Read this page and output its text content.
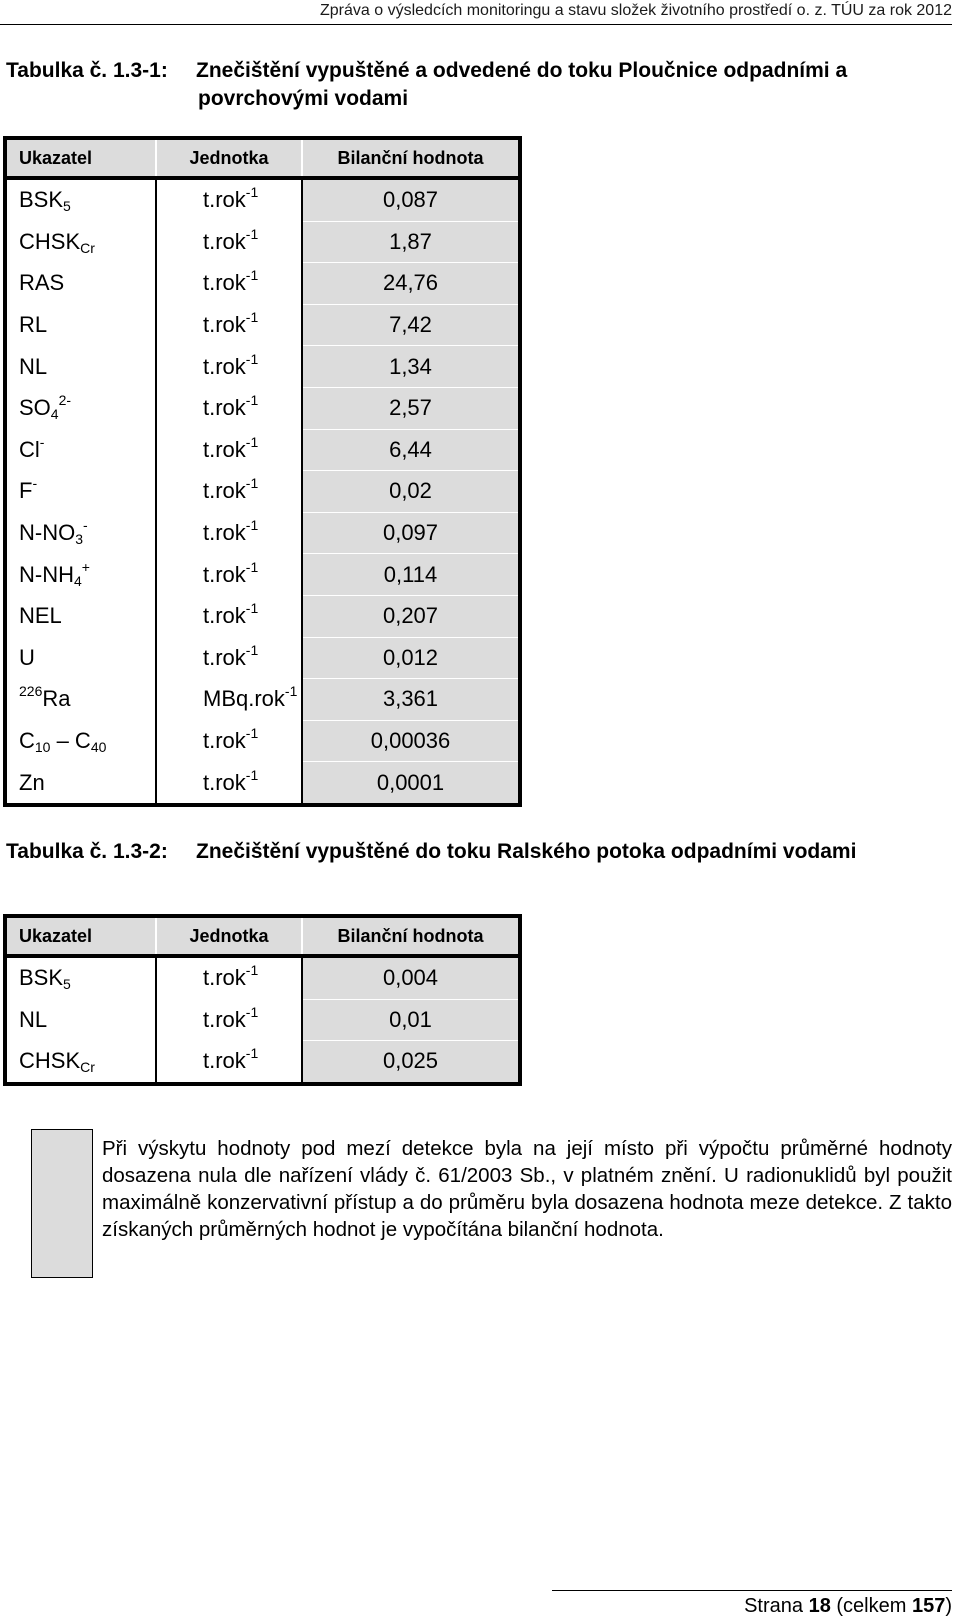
Zpráva o výsledcích monitoringu a stavu složek životního prostředí o. z. TÚU za rok 2012
Tabulka č. 1.3-1: Znečištění vypuštěné a odvedené do toku Ploučnice odpadními a
povrchovými vodami
Ukazatel	Jednotka	Bilanční hodnota
$BSK_5$	t.rok$^{-1}$	0,087
$CHSK_{Cr}$	t.rok$^{-1}$	1,87
RAS	t.rok$^{-1}$	24,76
RL	t.rok$^{-1}$	7,42
NL	t.rok$^{-1}$	1,34
$SO_4^{2-}$	t.rok$^{-1}$	2,57
Cl-	t.rok$^{-1}$	6,44
F-	t.rok$^{-1}$	0,02
$N-NO_3^-$	t.rok$^{-1}$	0,097
$N-NH_4^+$	t.rok$^{-1}$	0,114
NEL	t.rok$^{-1}$	0,207
U	t.rok$^{-1}$	0,012
$^{226}$Ra	MBq.rok$^{-1}$	3,361
$C_{10} - C_{40}$	t.rok$^{-1}$	0,00036
Zn	t.rok$^{-1}$	0,0001
Tabulka č. 1.3-2: Znečištění vypuštěné do toku Ralského potoka odpadními vodami
Ukazatel	Jednotka	Bilanční hodnota
$BSK_5$	t.rok$^{-1}$	0,004
NL	t.rok$^{-1}$	0,01
$CHSK_{Cr}$	t.rok$^{-1}$	0,025
Při výskytu hodnoty pod mezí detekce byla na její místo při výpočtu průměrné hodnoty dosazena nula dle nařízení vlády č. 61/2003 Sb., v platném znění. U radionuklidů byl použit maximálně konzervativní přístup a do průměru byla dosazena hodnota meze detekce. Z takto získaných průměrných hodnot je vypočítána bilanční hodnota.
Strana 18 (celkem 157)
